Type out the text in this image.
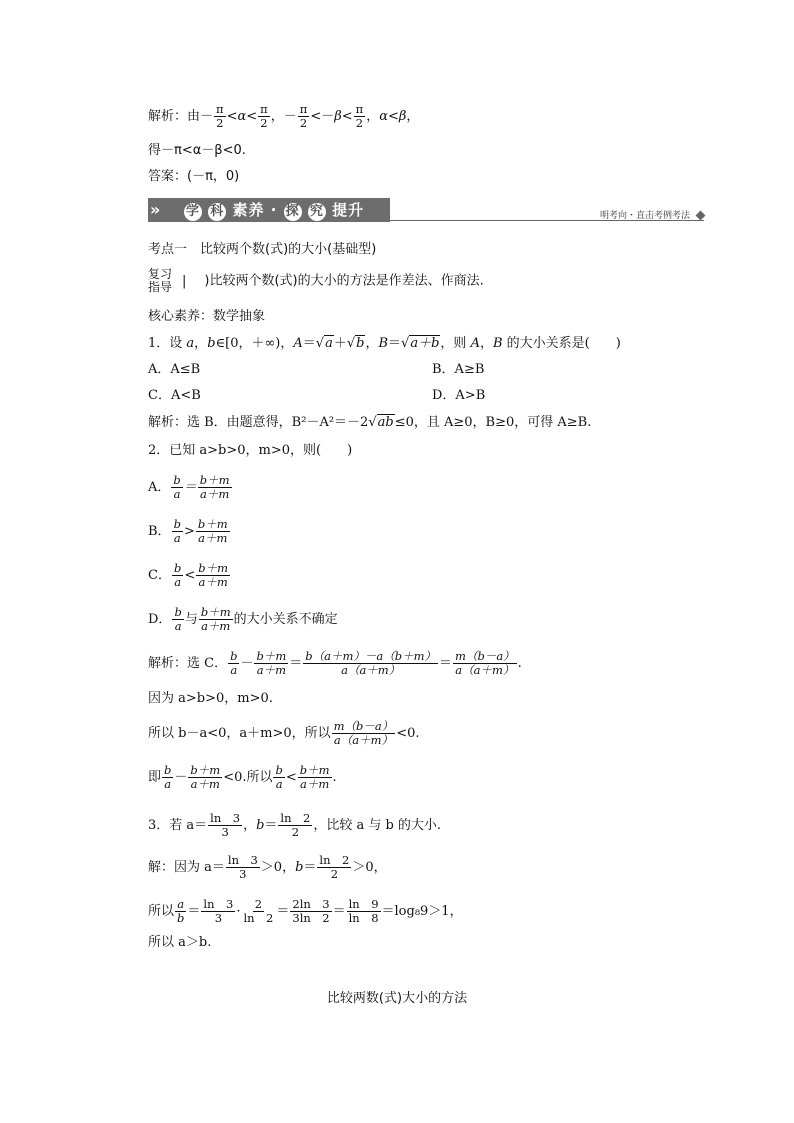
解析：由－ $\frac{\pi}{2} <\alpha< \frac{\pi}{2}$ ，－ $\frac{\pi}{2} <-\beta< \frac{\pi}{2}$ ，α<β，
得－π<α－β<0.
答案：(－π，0)
» 学 科 素养 · 探 究 提升	明考向・直击考例考法
考点一　比较两个数(式)的大小(基础型)
复习
指导 | )比较两个数(式)的大小的方法是作差法、作商法.
核心素养：数学抽象
1．设 a，b∈[0，＋∞)，A＝√a＋√b，B＝√a＋b，则 A，B 的大小关系是(　　)
A．A≤B	B．A≥B
C．A<B	D．A>B
解析：选 B．由题意得，B²－A²＝－2√ab≤0，且 A≥0，B≥0，可得 A≥B.
2．已知 a>b>0，m>0，则(　　)
A． $\frac{b}{a} = \frac{b+m}{a+m}$
B． $\frac{b}{a} > \frac{b+m}{a+m}$
C． $\frac{b}{a} < \frac{b+m}{a+m}$
D． $\frac{b}{a}$ 与 $\frac{b+m}{a+m}$ 的大小关系不确定
解析：选 C． $\frac{b}{a} - \frac{b+m}{a+m} = \frac{b(a+m)-a(b+m)}{a(a+m)} = \frac{m(b-a)}{a(a+m)}$ .
因为 a>b>0，m>0.
所以 b－a<0，a＋m>0，所以 $\frac{m(b-a)}{a(a+m)} <0$.
即 $\frac{b}{a} - \frac{b+m}{a+m} <0$.所以 $\frac{b}{a} < \frac{b+m}{a+m}$ .
3．若 $a= \frac{\ln 3}{3}$ ，$b= \frac{\ln 2}{2}$ ，比较 a 与 b 的大小.
解：因为 $a= \frac{\ln 3}{3} >0$，$b= \frac{\ln 2}{2} >0$，
所以 $\frac{a}{b} = \frac{\ln 3}{3} \cdot \frac{2}{\ln 2} = \frac{2\ln 3}{3\ln 2} = \frac{\ln 9}{\ln 8} =\log_89>1$，
所以 a＞b.
比较两数(式)大小的方法
